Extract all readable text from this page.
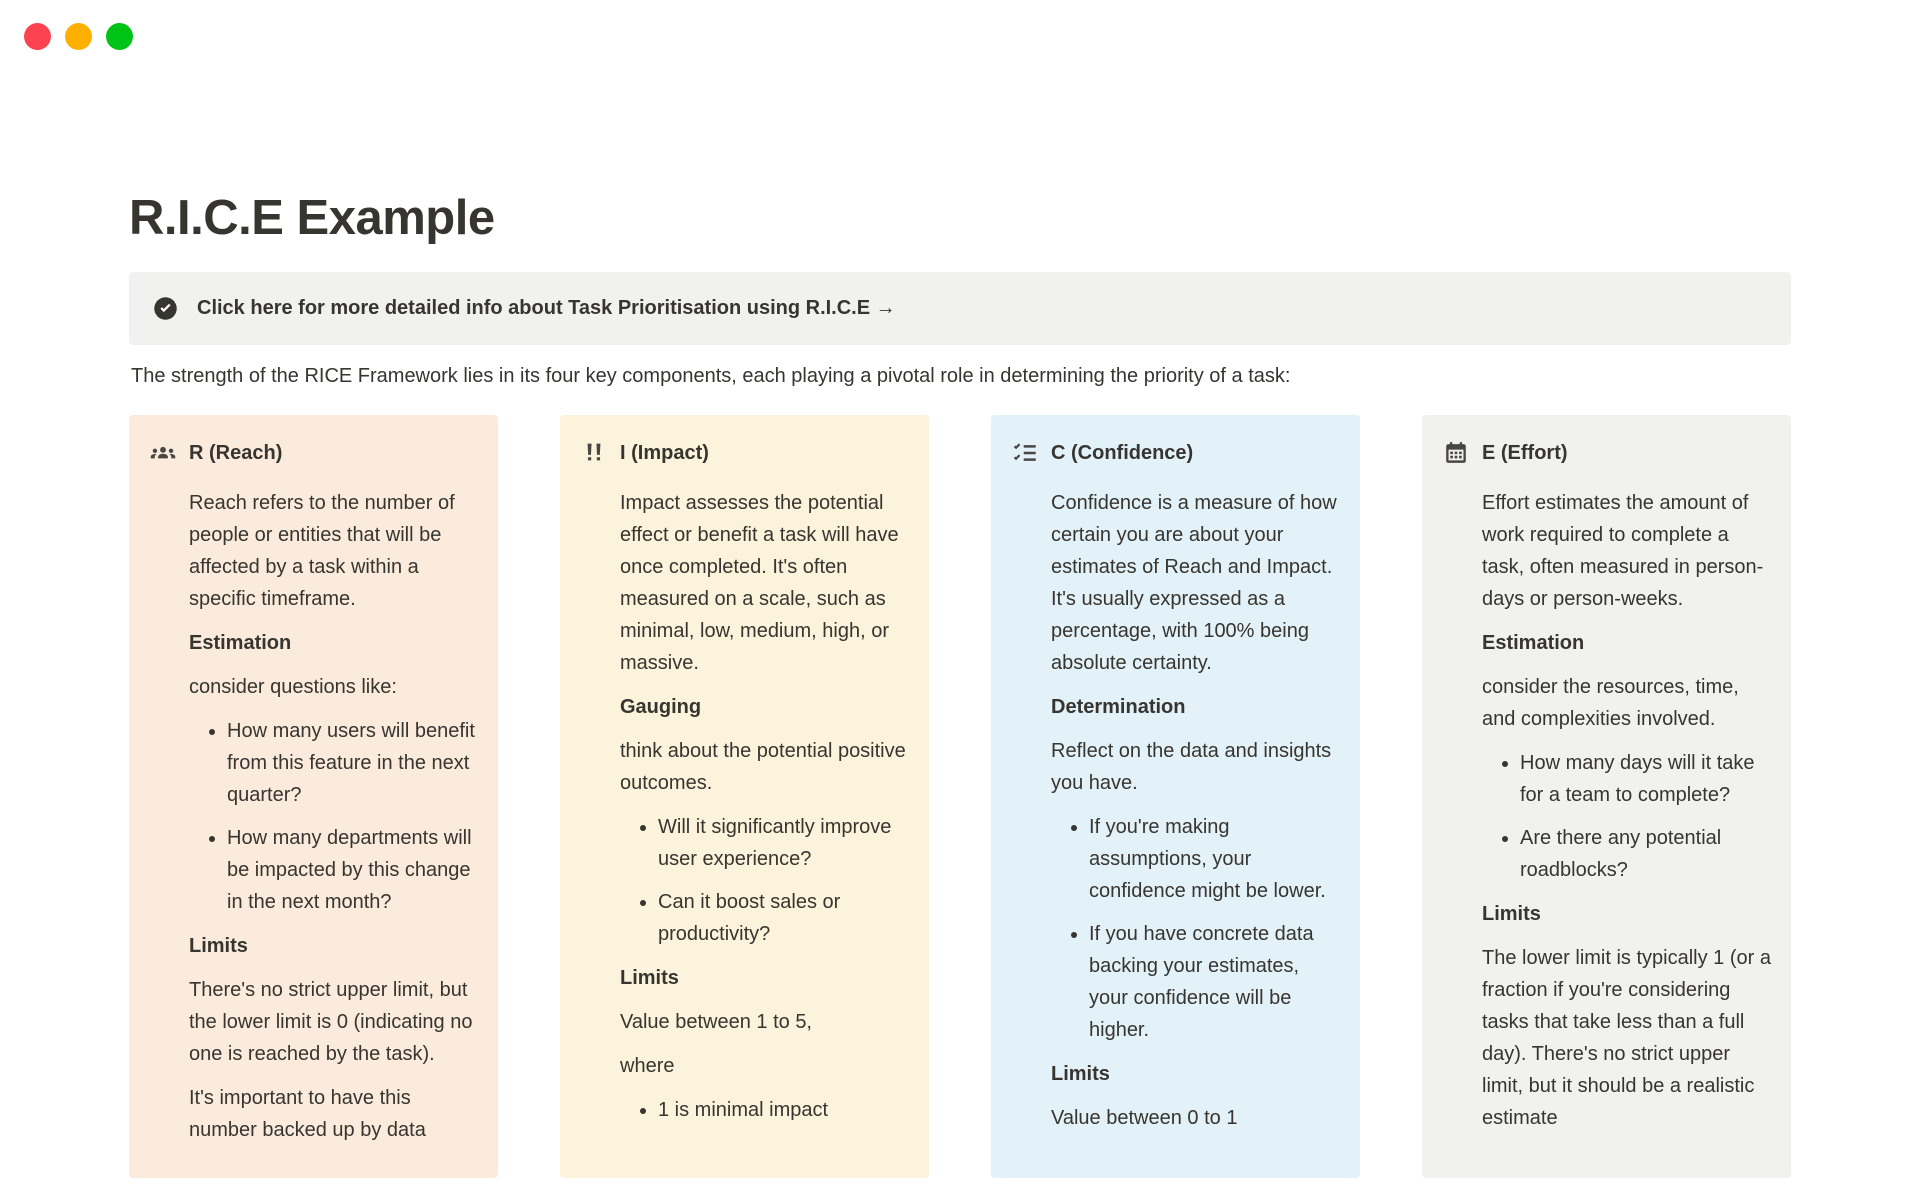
R.I.C.E Example
Click here for more detailed info about Task Prioritisation using R.I.C.E →

The strength of the RICE Framework lies in its four key components, each playing a pivotal role in determining the priority of a task:

R (Reach)

Reach refers to the number of people or entities that will be affected by a task within a specific timeframe.

Estimation

consider questions like:

• How many users will benefit from this feature in the next quarter?
• How many departments will be impacted by this change in the next month?
Limits

There's no strict upper limit, but the lower limit is 0 (indicating no one is reached by the task).

It's important to have this number backed up by data

I (Impact)

Impact assesses the potential effect or benefit a task will have once completed. It's often measured on a scale, such as minimal, low, medium, high, or massive.

Gauging

think about the potential positive outcomes.

• Will it significantly improve user experience?
• Can it boost sales or productivity?
Limits

Value between 1 to 5,

where

• 1 is minimal impact
C (Confidence)

Confidence is a measure of how certain you are about your estimates of Reach and Impact. It's usually expressed as a percentage, with 100% being absolute certainty.

Determination

Reflect on the data and insights you have.

• If you're making assumptions, your confidence might be lower.
• If you have concrete data backing your estimates, your confidence will be higher.
Limits

Value between 0 to 1

E (Effort)

Effort estimates the amount of work required to complete a task, often measured in person-days or person-weeks.

Estimation

consider the resources, time, and complexities involved.

• How many days will it take for a team to complete?
• Are there any potential roadblocks?
Limits

The lower limit is typically 1 (or a fraction if you're considering tasks that take less than a full day). There's no strict upper limit, but it should be a realistic estimate
